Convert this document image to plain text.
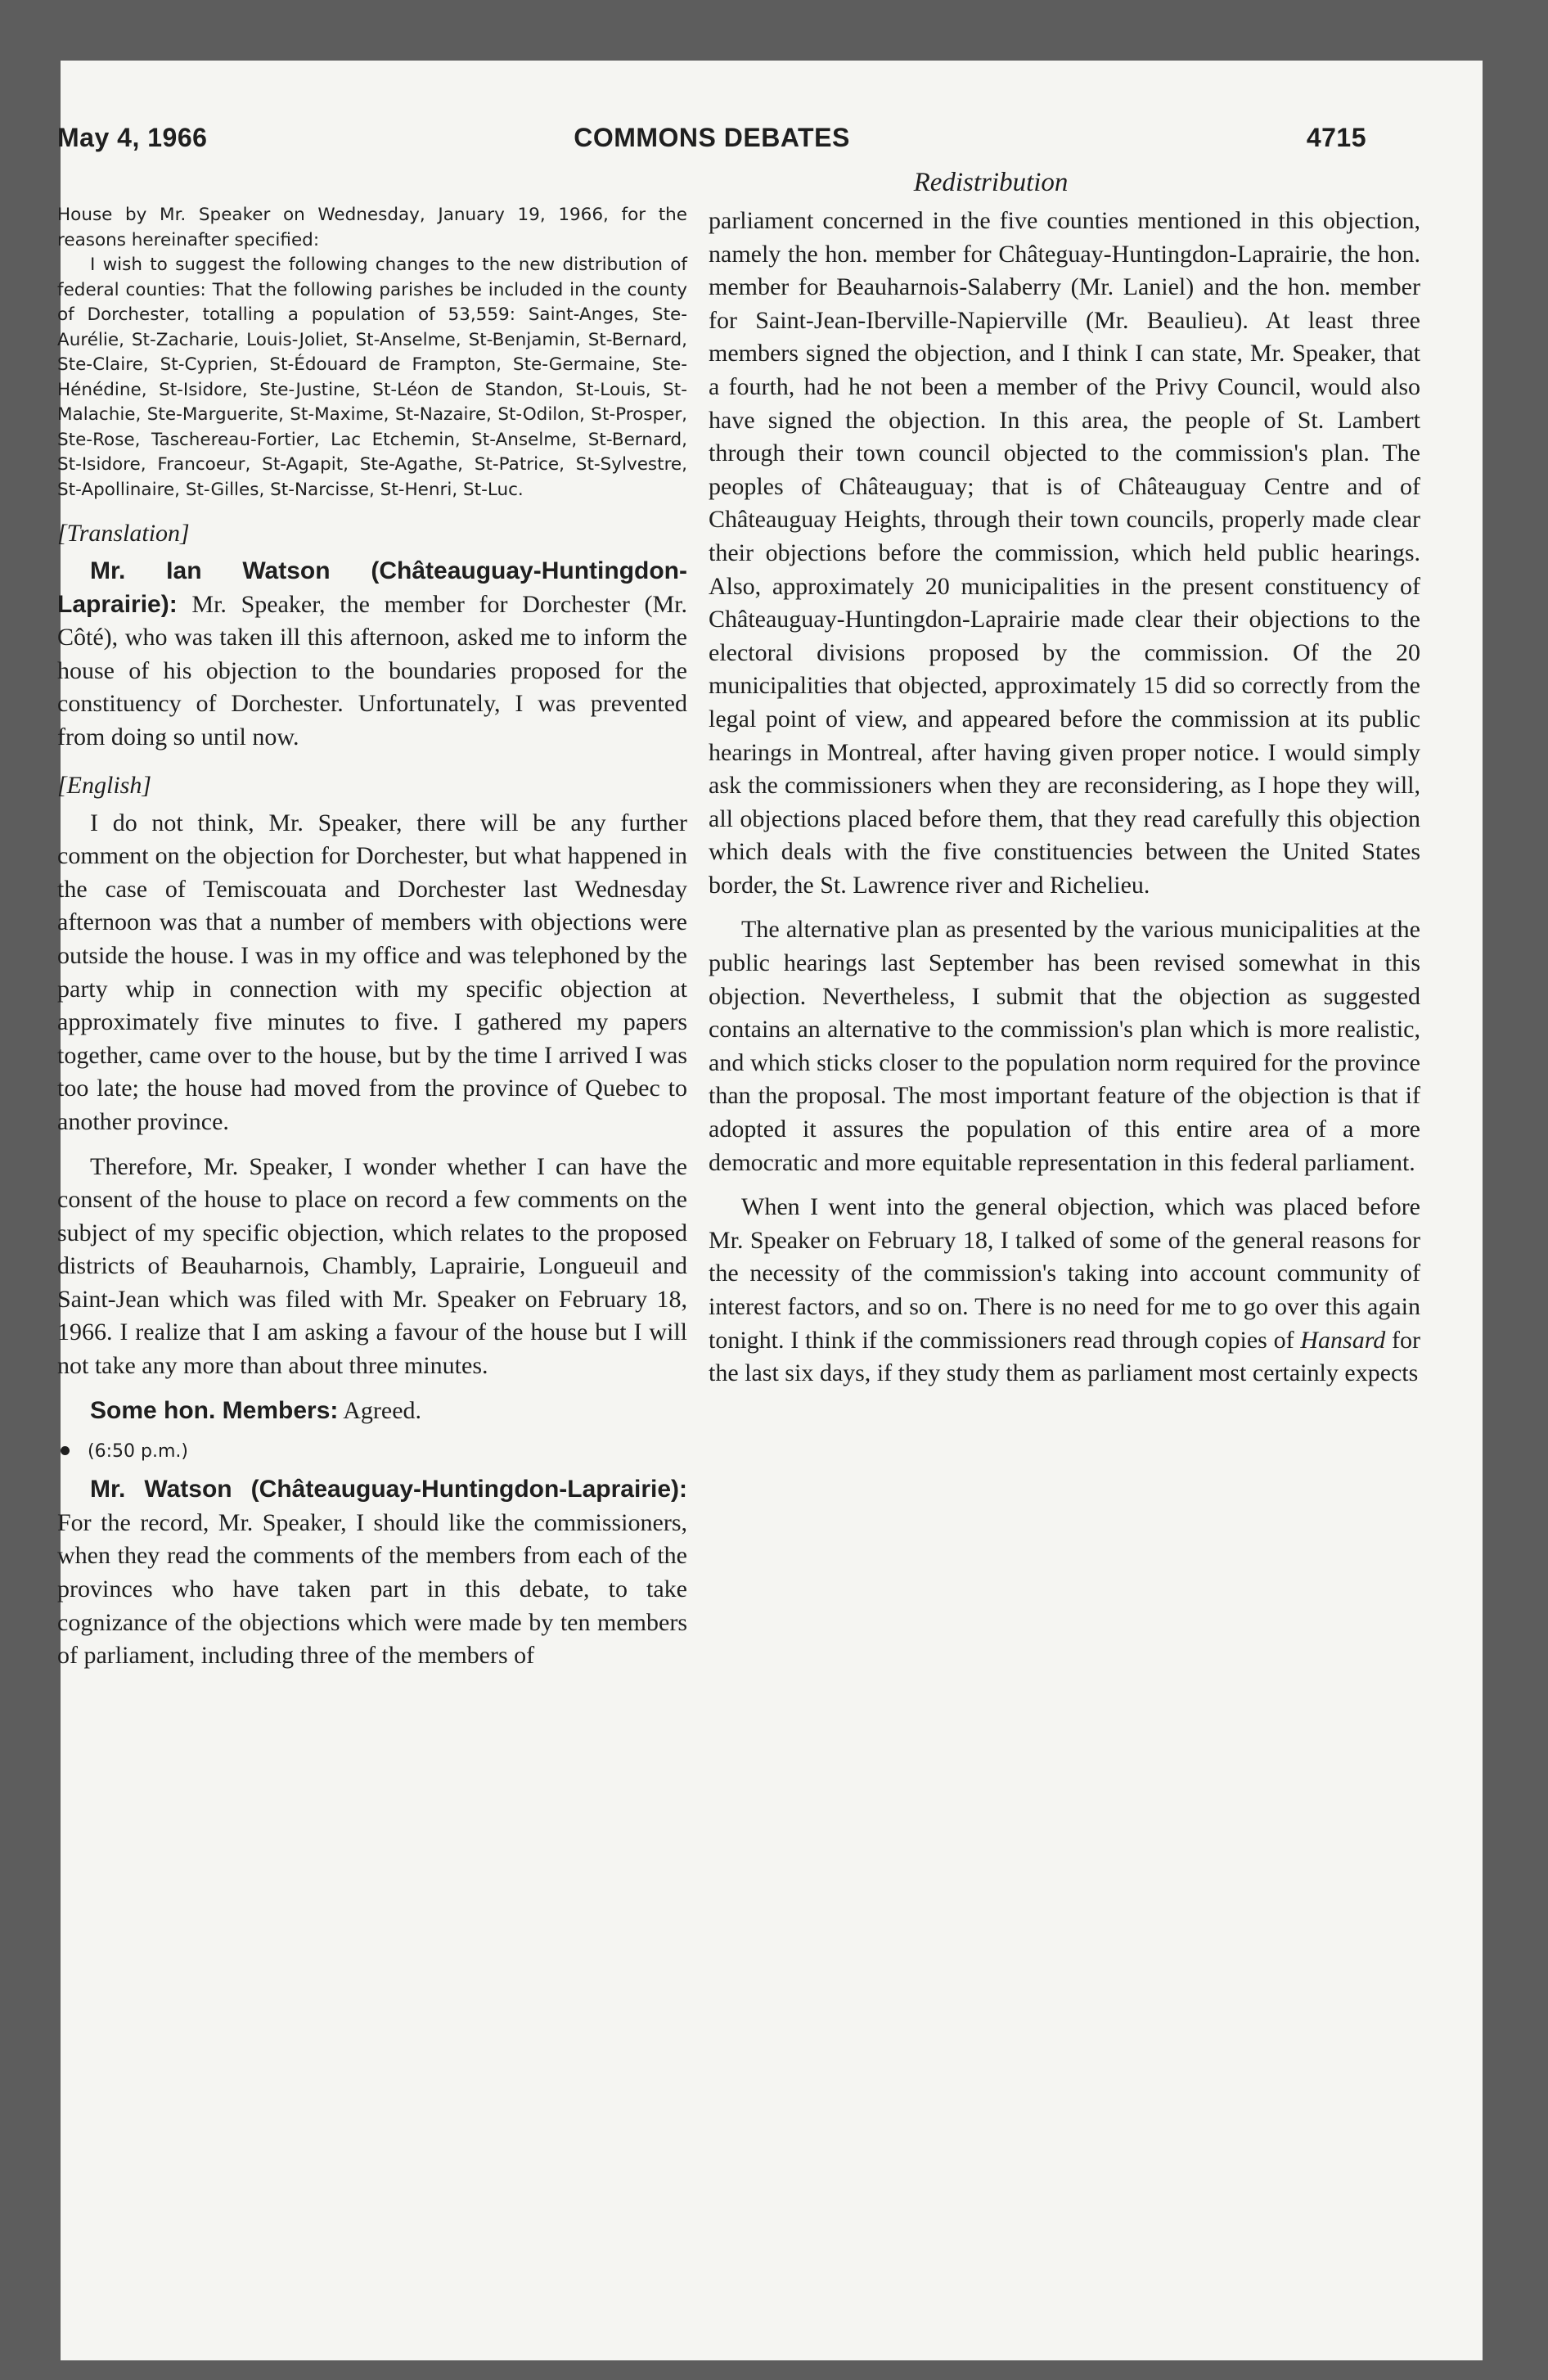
May 4, 1966	COMMONS DEBATES	4715
Redistribution

House by Mr. Speaker on Wednesday, January 19, 1966, for the reasons hereinafter specified:

I wish to suggest the following changes to the new distribution of federal counties: That the following parishes be included in the county of Dorchester, totalling a population of 53,559: Saint-Anges, Ste-Aurélie, St-Zacharie, Louis-Joliet, St-Anselme, St-Benjamin, St-Bernard, Ste-Claire, St-Cyprien, St-Édouard de Frampton, Ste-Germaine, Ste-Hénédine, St-Isidore, Ste-Justine, St-Léon de Standon, St-Louis, St-Malachie, Ste-Marguerite, St-Maxime, St-Nazaire, St-Odilon, St-Prosper, Ste-Rose, Taschereau-Fortier, Lac Etchemin, St-Anselme, St-Bernard, St-Isidore, Francoeur, St-Agapit, Ste-Agathe, St-Patrice, St-Sylvestre, St-Apollinaire, St-Gilles, St-Narcisse, St-Henri, St-Luc.

[Translation]

Mr. Ian Watson (Châteauguay-Huntingdon-Laprairie): Mr. Speaker, the member for Dorchester (Mr. Côté), who was taken ill this afternoon, asked me to inform the house of his objection to the boundaries proposed for the constituency of Dorchester. Unfortunately, I was prevented from doing so until now.

[English]

I do not think, Mr. Speaker, there will be any further comment on the objection for Dorchester, but what happened in the case of Temiscouata and Dorchester last Wednesday afternoon was that a number of members with objections were outside the house. I was in my office and was telephoned by the party whip in connection with my specific objection at approximately five minutes to five. I gathered my papers together, came over to the house, but by the time I arrived I was too late; the house had moved from the province of Quebec to another province.

Therefore, Mr. Speaker, I wonder whether I can have the consent of the house to place on record a few comments on the subject of my specific objection, which relates to the proposed districts of Beauharnois, Chambly, Laprairie, Longueuil and Saint-Jean which was filed with Mr. Speaker on February 18, 1966. I realize that I am asking a favour of the house but I will not take any more than about three minutes.

Some hon. Members: Agreed.

(6:50 p.m.)

Mr. Watson (Châteauguay-Huntingdon-Laprairie): For the record, Mr. Speaker, I should like the commissioners, when they read the comments of the members from each of the provinces who have taken part in this debate, to take cognizance of the objections which were made by ten members of parliament, including three of the members of

parliament concerned in the five counties mentioned in this objection, namely the hon. member for Châteguay-Huntingdon-Laprairie, the hon. member for Beauharnois-Salaberry (Mr. Laniel) and the hon. member for Saint-Jean-Iberville-Napierville (Mr. Beaulieu). At least three members signed the objection, and I think I can state, Mr. Speaker, that a fourth, had he not been a member of the Privy Council, would also have signed the objection. In this area, the people of St. Lambert through their town council objected to the commission's plan. The peoples of Châteauguay; that is of Châteauguay Centre and of Châteauguay Heights, through their town councils, properly made clear their objections before the commission, which held public hearings. Also, approximately 20 municipalities in the present constituency of Châteauguay-Huntingdon-Laprairie made clear their objections to the electoral divisions proposed by the commission. Of the 20 municipalities that objected, approximately 15 did so correctly from the legal point of view, and appeared before the commission at its public hearings in Montreal, after having given proper notice. I would simply ask the commissioners when they are reconsidering, as I hope they will, all objections placed before them, that they read carefully this objection which deals with the five constituencies between the United States border, the St. Lawrence river and Richelieu.

The alternative plan as presented by the various municipalities at the public hearings last September has been revised somewhat in this objection. Nevertheless, I submit that the objection as suggested contains an alternative to the commission's plan which is more realistic, and which sticks closer to the population norm required for the province than the proposal. The most important feature of the objection is that if adopted it assures the population of this entire area of a more democratic and more equitable representation in this federal parliament.

When I went into the general objection, which was placed before Mr. Speaker on February 18, I talked of some of the general reasons for the necessity of the commission's taking into account community of interest factors, and so on. There is no need for me to go over this again tonight. I think if the commissioners read through copies of Hansard for the last six days, if they study them as parliament most certainly expects
